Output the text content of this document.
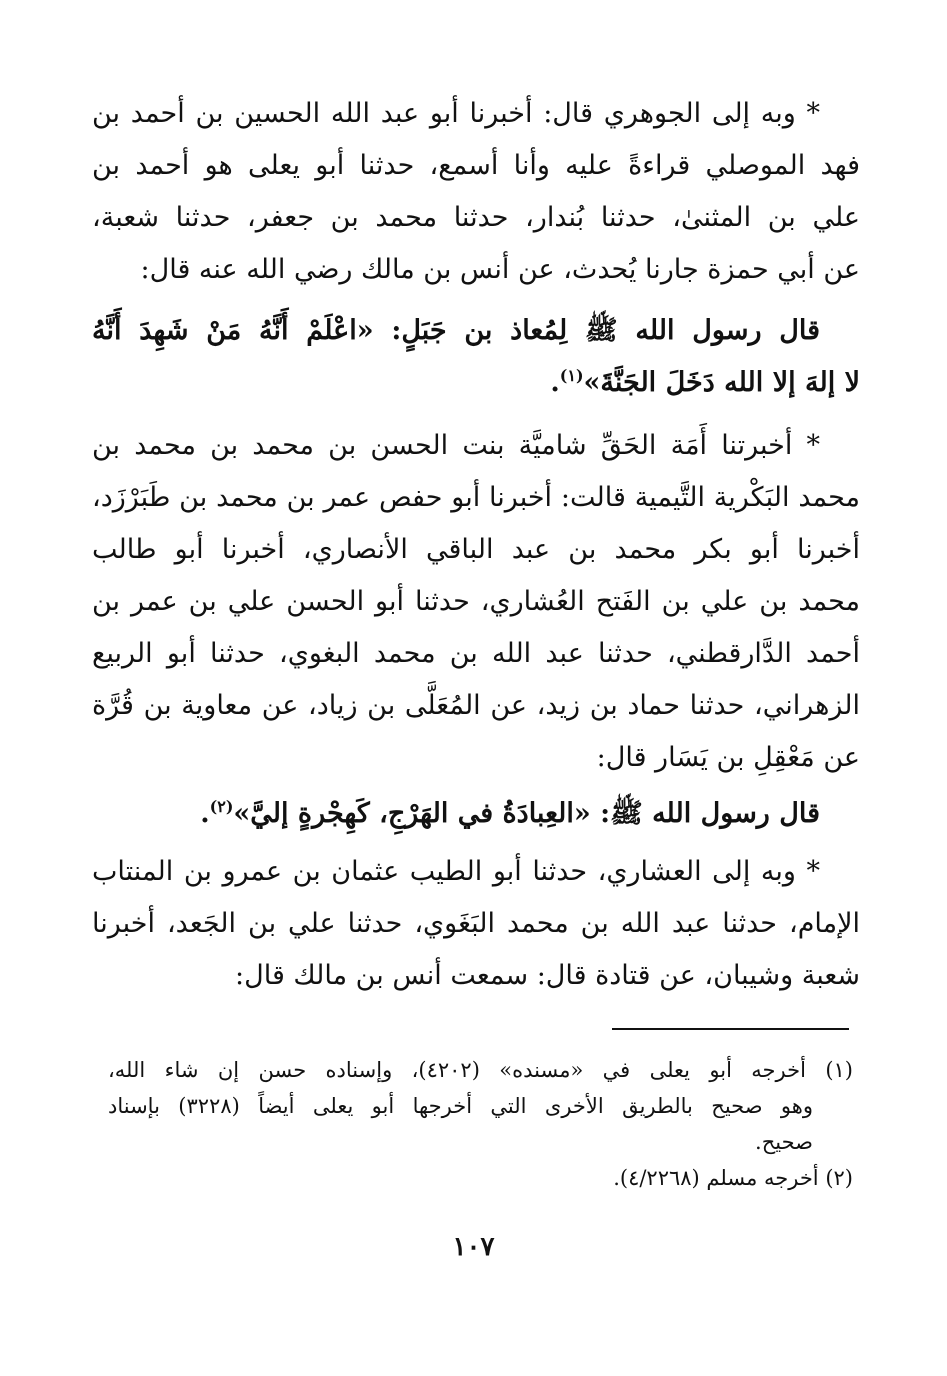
* وبه إلى الجوهري قال: أخبرنا أبو عبد الله الحسين بن أحمد بن
فهد الموصلي قراءةً عليه وأنا أسمع، حدثنا أبو يعلى هو أحمد بن
علي بن المثنىٰ، حدثنا بُندار، حدثنا محمد بن جعفر، حدثنا شعبة،
عن أبي حمزة جارنا يُحدث، عن أنس بن مالك رضي الله عنه قال:
قال رسول الله ﷺ لِمُعاذ بن جَبَلٍ: «اعْلَمْ أَنَّهُ مَنْ شَهِدَ أَنَّهُ
لا إلهَ إلا الله دَخَلَ الجَنَّةَ»$^{(١)}$.
* أخبرتنا أَمَة الحَقِّ شاميَّة بنت الحسن بن محمد بن محمد بن
محمد البَكْرية التَّيمية قالت: أخبرنا أبو حفص عمر بن محمد بن طَبَرْزَد،
أخبرنا أبو بكر محمد بن عبد الباقي الأنصاري، أخبرنا أبو طالب
محمد بن علي بن الفَتح العُشاري، حدثنا أبو الحسن علي بن عمر بن
أحمد الدَّارقطني، حدثنا عبد الله بن محمد البغوي، حدثنا أبو الربيع
الزهراني، حدثنا حماد بن زيد، عن المُعَلَّى بن زياد، عن معاوية بن قُرَّة
عن مَعْقِلِ بن يَسَار قال:
قال رسول الله ﷺ: «العِبادَةُ في الهَرْجِ، كَهِجْرةٍ إليَّ»$^{(٢)}$.
* وبه إلى العشاري، حدثنا أبو الطيب عثمان بن عمرو بن المنتاب
الإمام، حدثنا عبد الله بن محمد البَغَوي، حدثنا علي بن الجَعد، أخبرنا
شعبة وشيبان، عن قتادة قال: سمعت أنس بن مالك قال:
(١) أخرجه أبو يعلى في «مسنده» (٤٢٠٢)، وإسناده حسن إن شاء الله،
وهو صحيح بالطريق الأخرى التي أخرجها أبو يعلى أيضاً (٣٢٢٨) بإسناد
صحيح.
(٢) أخرجه مسلم (٤/٢٢٦٨).
١٠٧
